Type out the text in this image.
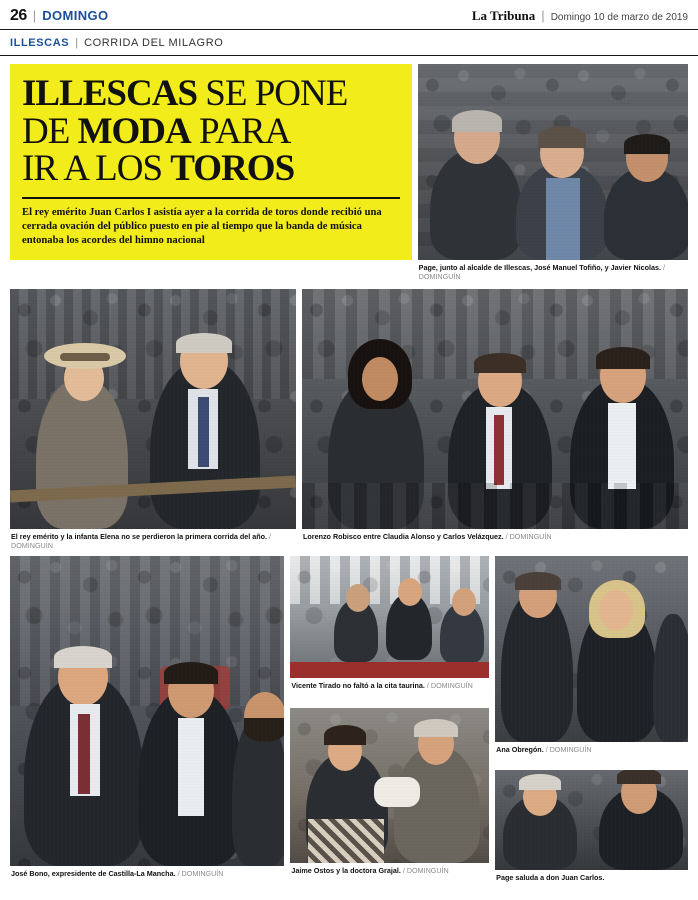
26 | DOMINGO	La Tribuna | Domingo 10 de marzo de 2019
ILLESCAS | CORRIDA DEL MILAGRO
ILLESCAS SE PONE
DE MODA PARA
IR A LOS TOROS
El rey emérito Juan Carlos I asistía ayer a la corrida de toros donde recibió una cerrada ovación del público puesto en pie al tiempo que la banda de música entonaba los acordes del himno nacional
Page, junto al alcalde de Illescas, José Manuel Tofiño, y Javier Nicolas. / DOMINGUÍN
El rey emérito y la infanta Elena no se perdieron la primera corrida del año. / DOMINGUÍN
Lorenzo Robisco entre Claudia Alonso y Carlos Velázquez. / DOMINGUÍN
José Bono, expresidente de Castilla-La Mancha. / DOMINGUÍN
Vicente Tirado no faltó a la cita taurina. / DOMINGUÍN
Jaime Ostos y la doctora Grajal. / DOMINGUÍN
Ana Obregón. / DOMINGUÍN
Page saluda a don Juan Carlos.
